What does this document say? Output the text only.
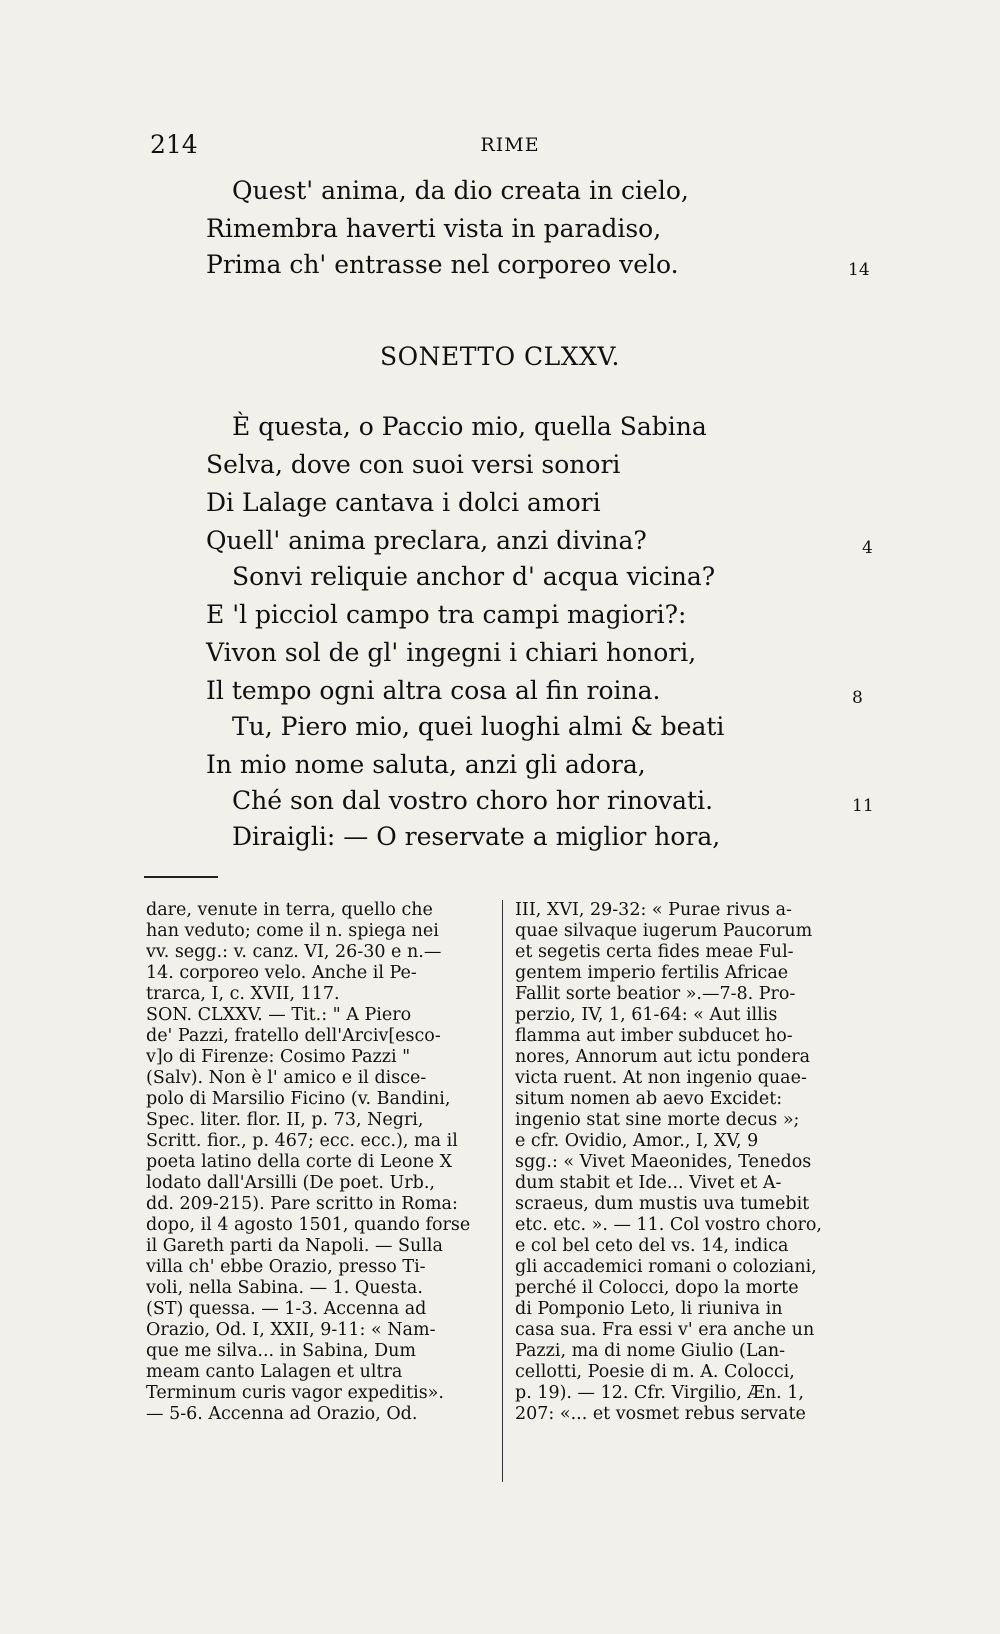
214	RIME
Quest' anima, da dio creata in cielo,
Rimembra haverti vista in paradiso,
Prima ch' entrasse nel corporeo velo.	14
SONETTO CLXXV.
È questa, o Paccio mio, quella Sabina
Selva, dove con suoi versi sonori
Di Lalage cantava i dolci amori
Quell' anima preclara, anzi divina?	4
Sonvi reliquie anchor d' acqua vicina?
E 'l picciol campo tra campi magiori?:
Vivon sol de gl' ingegni i chiari honori,
Il tempo ogni altra cosa al fin roina.	8
Tu, Piero mio, quei luoghi almi & beati
In mio nome saluta, anzi gli adora,
Ché son dal vostro choro hor rinovati.	11
Diraigli: — O reservate a miglior hora,
dare, venute in terra, quello che
han veduto; come il n. spiega nei
vv. segg.: v. canz. VI, 26-30 e n.—
14. corporeo velo. Anche il Pe-
trarca, I, c. XVII, 117.
SON. CLXXV. — Tit.: " A Piero
de' Pazzi, fratello dell'Arciv[esco-
v]o di Firenze: Cosimo Pazzi "
(Salv). Non è l' amico e il disce-
polo di Marsilio Ficino (v. Bandini,
Spec. liter. flor. II, p. 73, Negri,
Scritt. fior., p. 467; ecc. ecc.), ma il
poeta latino della corte di Leone X
lodato dall'Arsilli (De poet. Urb.,
dd. 209-215). Pare scritto in Roma:
dopo, il 4 agosto 1501, quando forse
il Gareth parti da Napoli. — Sulla
villa ch' ebbe Orazio, presso Ti-
voli, nella Sabina. — 1. Questa.
(ST) quessa. — 1-3. Accenna ad
Orazio, Od. I, XXII, 9-11: « Nam-
que me silva... in Sabina, Dum
meam canto Lalagen et ultra
Terminum curis vagor expeditis».
— 5-6. Accenna ad Orazio, Od.
III, XVI, 29-32: « Purae rivus a-
quae silvaque iugerum Paucorum
et segetis certa fides meae Ful-
gentem imperio fertilis Africae
Fallit sorte beatior ».—7-8. Pro-
perzio, IV, 1, 61-64: « Aut illis
flamma aut imber subducet ho-
nores, Annorum aut ictu pondera
victa ruent. At non ingenio quae-
situm nomen ab aevo Excidet:
ingenio stat sine morte decus »;
e cfr. Ovidio, Amor., I, XV, 9
sgg.: « Vivet Maeonides, Tenedos
dum stabit et Ide... Vivet et A-
scraeus, dum mustis uva tumebit
etc. etc. ». — 11. Col vostro choro,
e col bel ceto del vs. 14, indica
gli accademici romani o coloziani,
perché il Colocci, dopo la morte
di Pomponio Leto, li riuniva in
casa sua. Fra essi v' era anche un
Pazzi, ma di nome Giulio (Lan-
cellotti, Poesie di m. A. Colocci,
p. 19). — 12. Cfr. Virgilio, Æn. 1,
207: «... et vosmet rebus servate
